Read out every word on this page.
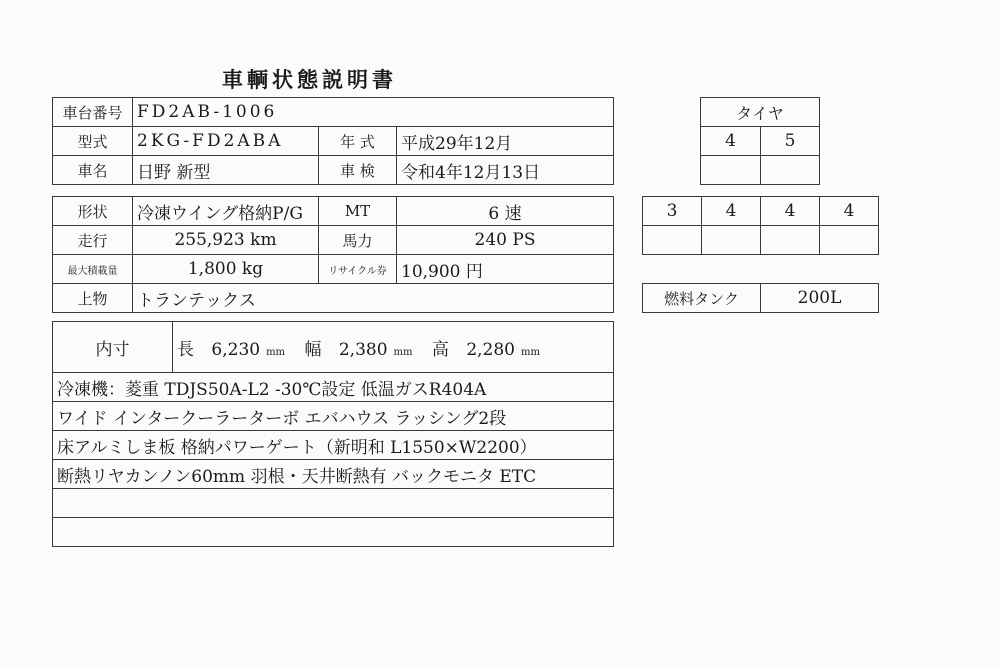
車輌状態説明書
車台番号	FD2AB-1006		
型式	2KG-FD2ABA	年 式	平成29年12月
車名	日野 新型	車 検	令和4年12月13日
形状	冷凍ウイング格納P/G	MT	6 速
走行	255,923 km	馬力	240 PS
最大積載量	1,800 kg	リサイクル券	10,900 円
上物	トランテックス		
内寸	長 6,230 mm 幅 2,380 mm 高 2,280 mm
冷凍機：菱重 TDJS50A-L2 -30℃設定 低温ガスR404A
ワイド インタークーラーターボ エバハウス ラッシング2段
床アルミしま板 格納パワーゲート（新明和 L1550×W2200）
断熱リヤカンノン60mm 羽根・天井断熱有 バックモニタ ETC

タイヤ	
4	5

3	4	4	4

燃料タンク	200L
